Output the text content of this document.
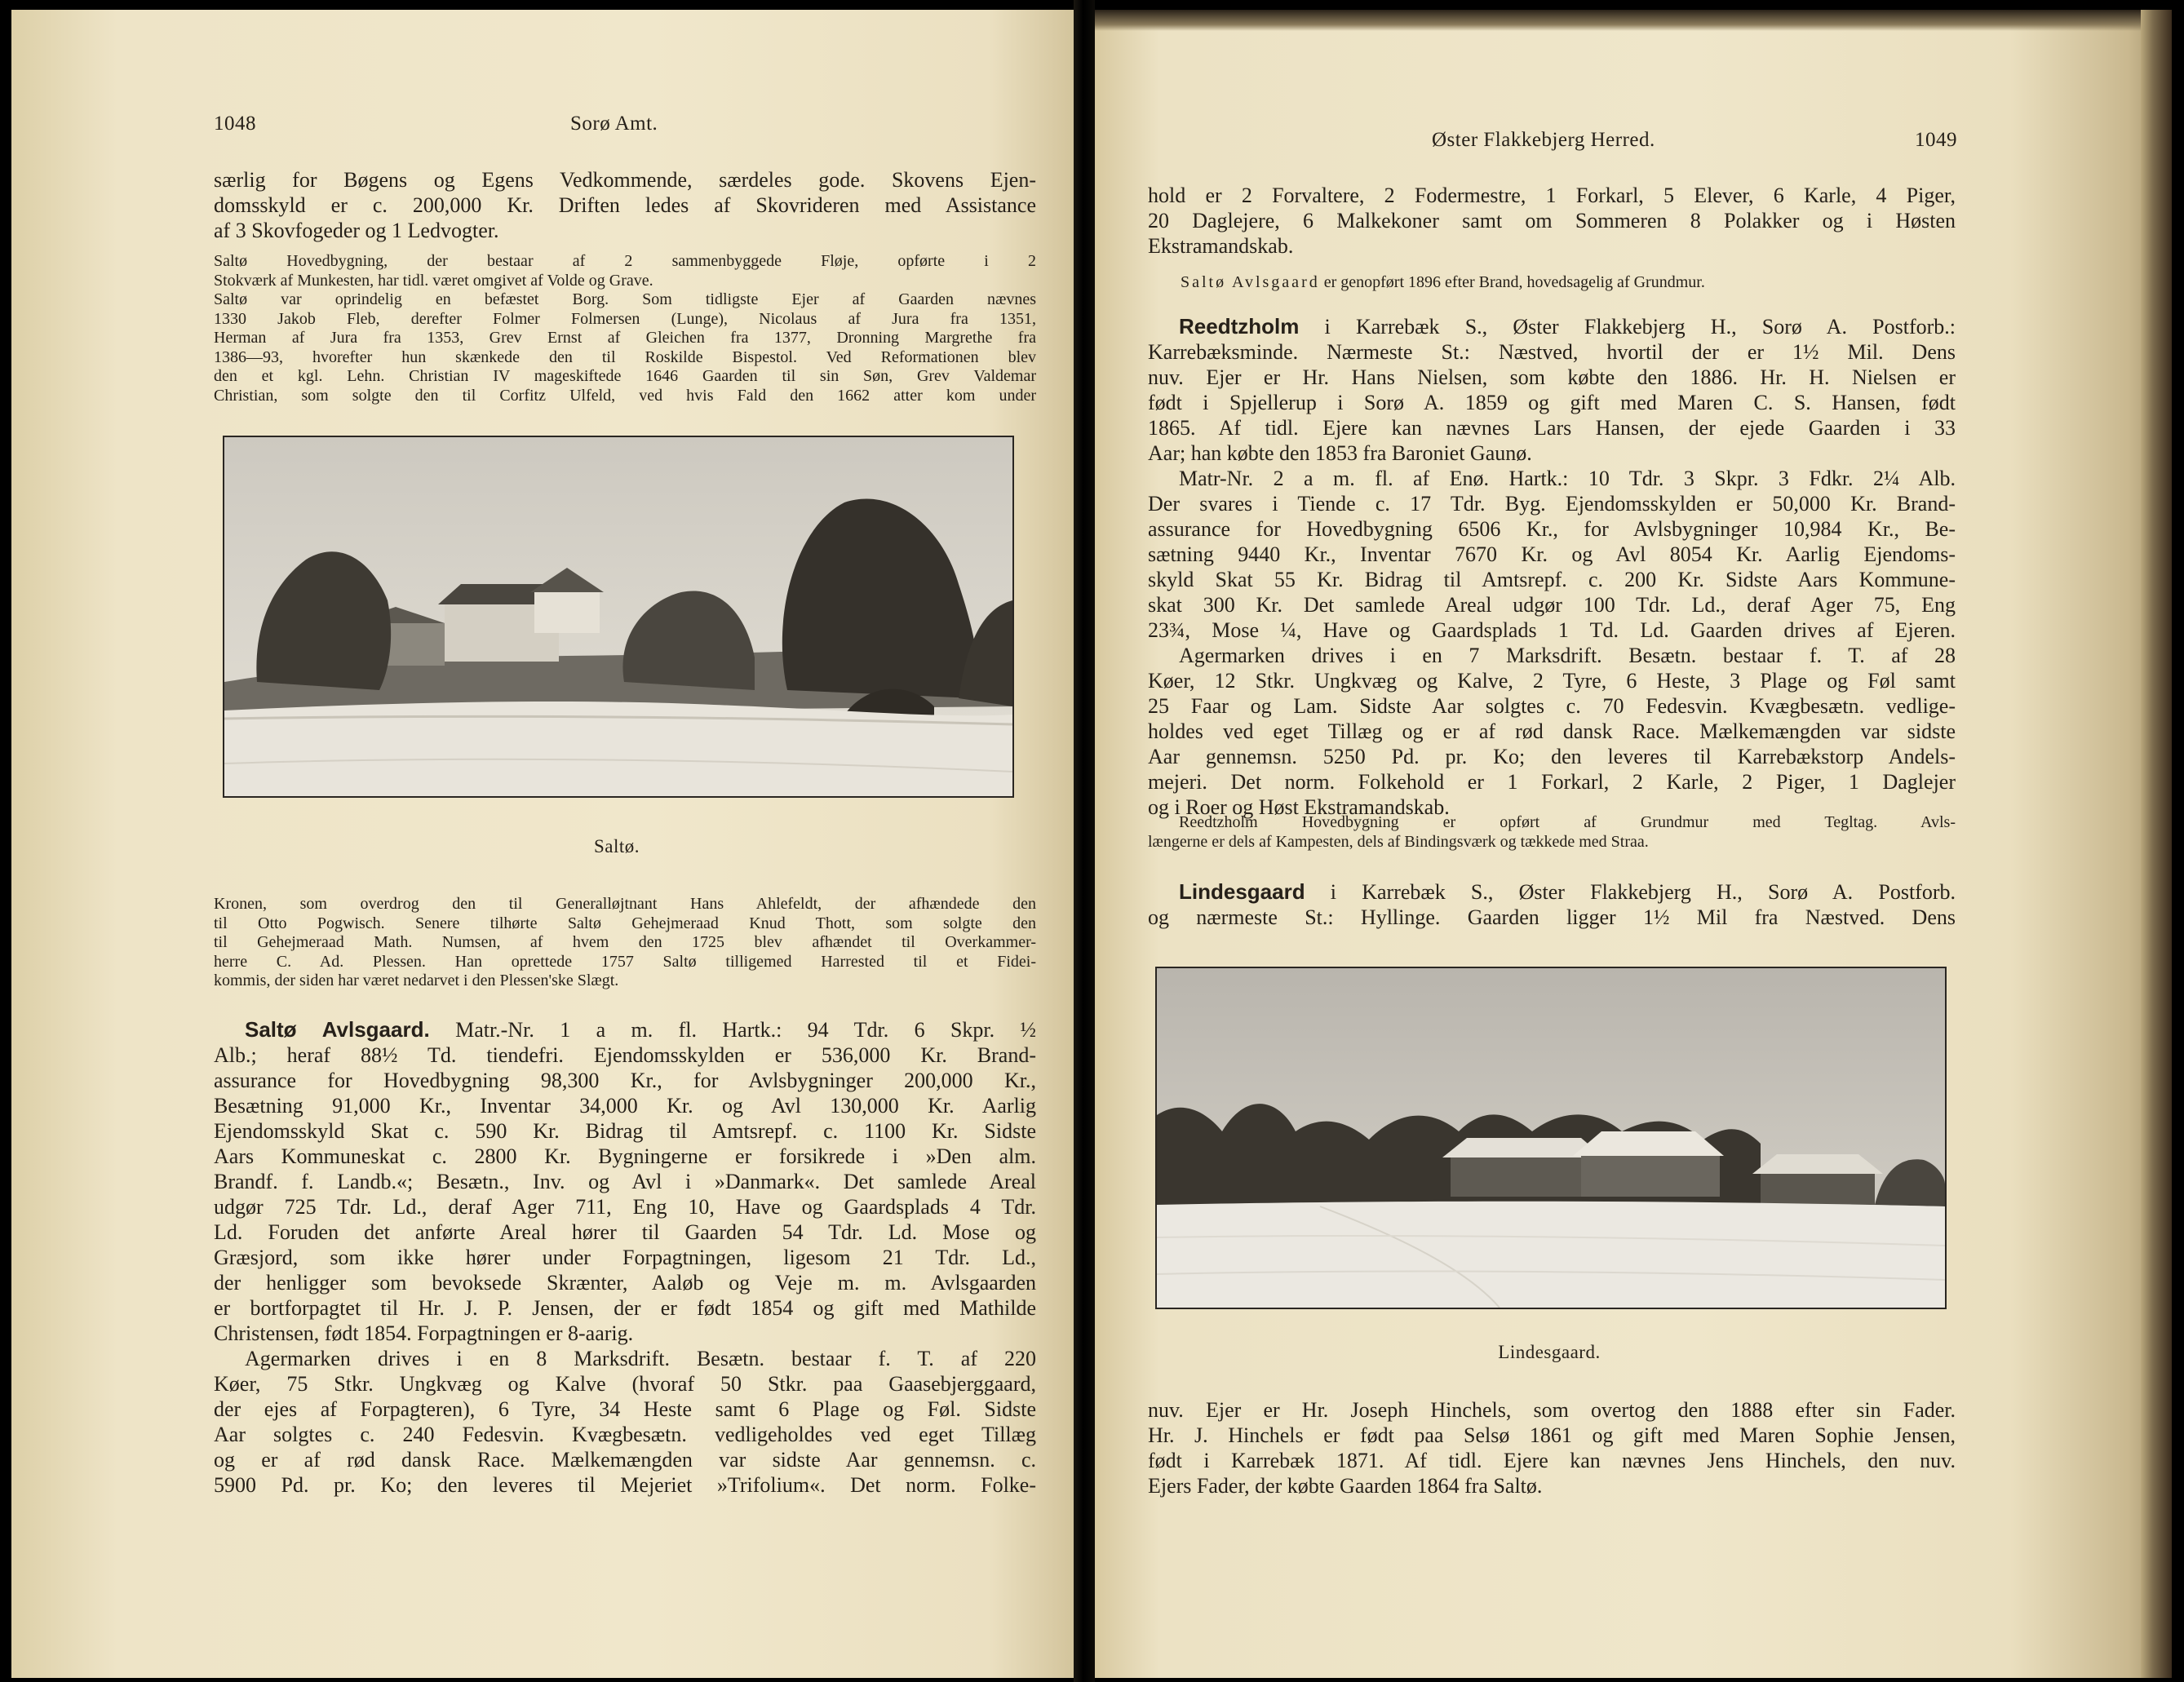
1048	Sorø Amt.
særlig for Bøgens og Egens Vedkommende, særdeles gode. Skovens Ejen-
domsskyld er c. 200,000 Kr. Driften ledes af Skovrideren med Assistance
af 3 Skovfogeder og 1 Ledvogter.
Saltø Hovedbygning, der bestaar af 2 sammenbyggede Fløje, opførte i 2
Stokværk af Munkesten, har tidl. været omgivet af Volde og Grave.
Saltø var oprindelig en befæstet Borg. Som tidligste Ejer af Gaarden nævnes
1330 Jakob Fleb, derefter Folmer Folmersen (Lunge), Nicolaus af Jura fra 1351,
Herman af Jura fra 1353, Grev Ernst af Gleichen fra 1377, Dronning Margrethe fra
1386—93, hvorefter hun skænkede den til Roskilde Bispestol. Ved Reformationen blev
den et kgl. Lehn. Christian IV mageskiftede 1646 Gaarden til sin Søn, Grev Valdemar
Christian, som solgte den til Corfitz Ulfeld, ved hvis Fald den 1662 atter kom under
Saltø.
Kronen, som overdrog den til Generalløjtnant Hans Ahlefeldt, der afhændede den
til Otto Pogwisch. Senere tilhørte Saltø Gehejmeraad Knud Thott, som solgte den
til Gehejmeraad Math. Numsen, af hvem den 1725 blev afhændet til Overkammer-
herre C. Ad. Plessen. Han oprettede 1757 Saltø tilligemed Harrested til et Fidei-
kommis, der siden har været nedarvet i den Plessen'ske Slægt.
Saltø Avlsgaard. Matr.-Nr. 1 a m. fl. Hartk.: 94 Tdr. 6 Skpr. ½
Alb.; heraf 88½ Td. tiendefri. Ejendomsskylden er 536,000 Kr. Brand-
assurance for Hovedbygning 98,300 Kr., for Avlsbygninger 200,000 Kr.,
Besætning 91,000 Kr., Inventar 34,000 Kr. og Avl 130,000 Kr. Aarlig
Ejendomsskyld Skat c. 590 Kr. Bidrag til Amtsrepf. c. 1100 Kr. Sidste
Aars Kommuneskat c. 2800 Kr. Bygningerne er forsikrede i »Den alm.
Brandf. f. Landb.«; Besætn., Inv. og Avl i »Danmark«. Det samlede Areal
udgør 725 Tdr. Ld., deraf Ager 711, Eng 10, Have og Gaardsplads 4 Tdr.
Ld. Foruden det anførte Areal hører til Gaarden 54 Tdr. Ld. Mose og
Græsjord, som ikke hører under Forpagtningen, ligesom 21 Tdr. Ld.,
der henligger som bevoksede Skrænter, Aaløb og Veje m. m. Avlsgaarden
er bortforpagtet til Hr. J. P. Jensen, der er født 1854 og gift med Mathilde
Christensen, født 1854. Forpagtningen er 8-aarig.
Agermarken drives i en 8 Marksdrift. Besætn. bestaar f. T. af 220
Køer, 75 Stkr. Ungkvæg og Kalve (hvoraf 50 Stkr. paa Gaasebjerggaard,
der ejes af Forpagteren), 6 Tyre, 34 Heste samt 6 Plage og Føl. Sidste
Aar solgtes c. 240 Fedesvin. Kvægbesætn. vedligeholdes ved eget Tillæg
og er af rød dansk Race. Mælkemængden var sidste Aar gennemsn. c.
5900 Pd. pr. Ko; den leveres til Mejeriet »Trifolium«. Det norm. Folke-
Øster Flakkebjerg Herred.	1049
hold er 2 Forvaltere, 2 Fodermestre, 1 Forkarl, 5 Elever, 6 Karle, 4 Piger,
20 Daglejere, 6 Malkekoner samt om Sommeren 8 Polakker og i Høsten
Ekstramandskab.
Saltø Avlsgaard er genopført 1896 efter Brand, hovedsagelig af Grundmur.
Reedtzholm i Karrebæk S., Øster Flakkebjerg H., Sorø A. Postforb.:
Karrebæksminde. Nærmeste St.: Næstved, hvortil der er 1½ Mil. Dens
nuv. Ejer er Hr. Hans Nielsen, som købte den 1886. Hr. H. Nielsen er
født i Spjellerup i Sorø A. 1859 og gift med Maren C. S. Hansen, født
1865. Af tidl. Ejere kan nævnes Lars Hansen, der ejede Gaarden i 33
Aar; han købte den 1853 fra Baroniet Gaunø.
Matr-Nr. 2 a m. fl. af Enø. Hartk.: 10 Tdr. 3 Skpr. 3 Fdkr. 2¼ Alb.
Der svares i Tiende c. 17 Tdr. Byg. Ejendomsskylden er 50,000 Kr. Brand-
assurance for Hovedbygning 6506 Kr., for Avlsbygninger 10,984 Kr., Be-
sætning 9440 Kr., Inventar 7670 Kr. og Avl 8054 Kr. Aarlig Ejendoms-
skyld Skat 55 Kr. Bidrag til Amtsrepf. c. 200 Kr. Sidste Aars Kommune-
skat 300 Kr. Det samlede Areal udgør 100 Tdr. Ld., deraf Ager 75, Eng
23¾, Mose ¼, Have og Gaardsplads 1 Td. Ld. Gaarden drives af Ejeren.
Agermarken drives i en 7 Marksdrift. Besætn. bestaar f. T. af 28
Køer, 12 Stkr. Ungkvæg og Kalve, 2 Tyre, 6 Heste, 3 Plage og Føl samt
25 Faar og Lam. Sidste Aar solgtes c. 70 Fedesvin. Kvægbesætn. vedlige-
holdes ved eget Tillæg og er af rød dansk Race. Mælkemængden var sidste
Aar gennemsn. 5250 Pd. pr. Ko; den leveres til Karrebækstorp Andels-
mejeri. Det norm. Folkehold er 1 Forkarl, 2 Karle, 2 Piger, 1 Daglejer
og i Roer og Høst Ekstramandskab.
Reedtzholm Hovedbygning er opført af Grundmur med Tegltag. Avls-
længerne er dels af Kampesten, dels af Bindingsværk og tækkede med Straa.
Lindesgaard i Karrebæk S., Øster Flakkebjerg H., Sorø A. Postforb.
og nærmeste St.: Hyllinge. Gaarden ligger 1½ Mil fra Næstved. Dens
Lindesgaard.
nuv. Ejer er Hr. Joseph Hinchels, som overtog den 1888 efter sin Fader.
Hr. J. Hinchels er født paa Selsø 1861 og gift med Maren Sophie Jensen,
født i Karrebæk 1871. Af tidl. Ejere kan nævnes Jens Hinchels, den nuv.
Ejers Fader, der købte Gaarden 1864 fra Saltø.
